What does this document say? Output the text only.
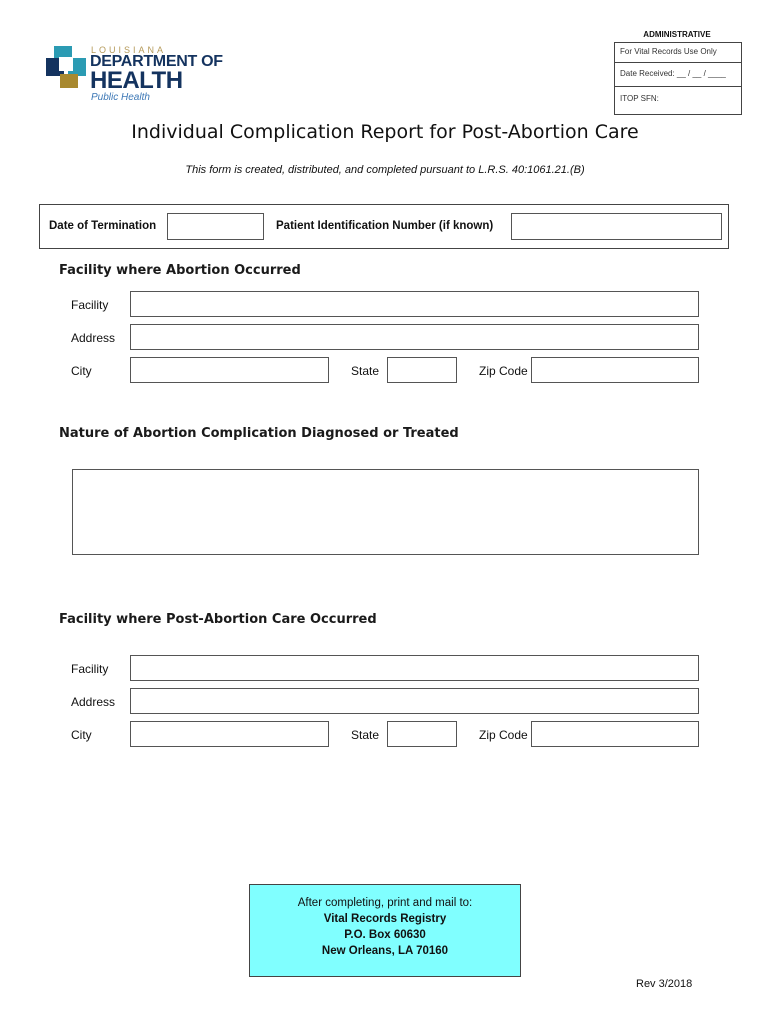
LOUISIANA
DEPARTMENT OF
HEALTH
Public Health
ADMINISTRATIVE
For Vital Records Use Only
Date Received: __ / __ / ____
ITOP SFN:
Individual Complication Report for Post-Abortion Care
This form is created, distributed, and completed pursuant to L.R.S. 40:1061.21.(B)
Date of Termination	Patient Identification Number (if known)
Facility where Abortion Occurred
Facility
Address
City	State	Zip Code
Nature of Abortion Complication Diagnosed or Treated
Facility where Post-Abortion Care Occurred
Facility
Address
City	State	Zip Code
After completing, print and mail to:
Vital Records Registry
P.O. Box 60630
New Orleans, LA 70160
Rev 3/2018
